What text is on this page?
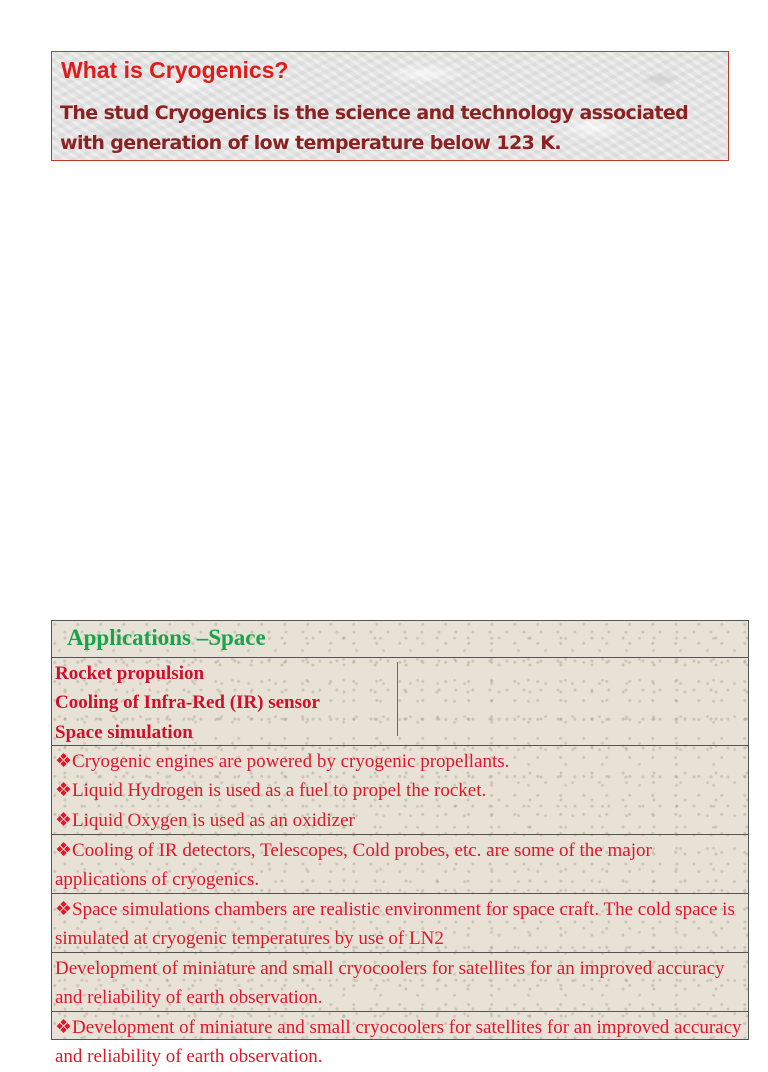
What is Cryogenics?
The stud Cryogenics is the science and technology associated with generation of low temperature below 123 K.
Applications –Space
Rocket propulsion
Cooling of Infra-Red (IR) sensor
Space simulation
❖Cryogenic engines are powered by cryogenic propellants.
❖Liquid Hydrogen is used as a fuel to propel the rocket.
❖Liquid Oxygen is used as an oxidizer
❖Cooling of IR detectors, Telescopes, Cold probes, etc. are some of the major applications of cryogenics.
❖Space simulations chambers are realistic environment for space craft. The cold space is simulated at cryogenic temperatures by use of LN2
Development of miniature and small cryocoolers for satellites for an improved accuracy and reliability of earth observation.
❖Development of miniature and small cryocoolers for satellites for an improved accuracy and reliability of earth observation.
